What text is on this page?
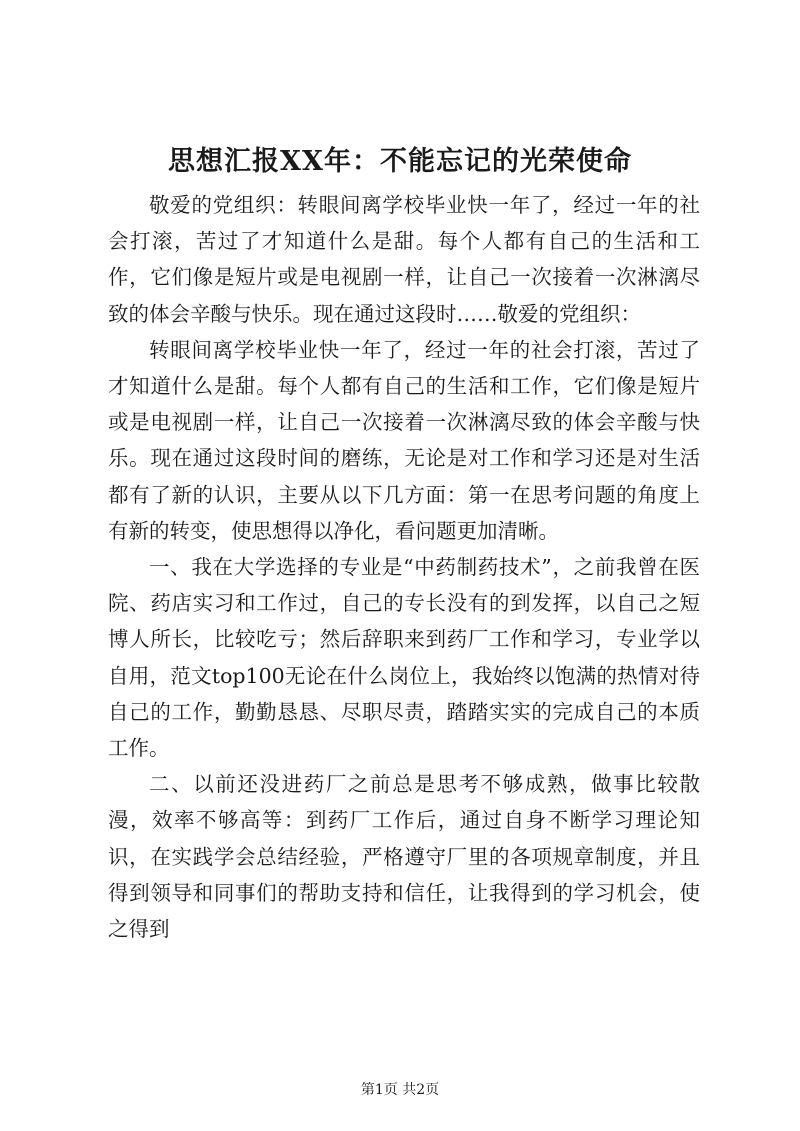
思想汇报XX年：不能忘记的光荣使命

敬爱的党组织：转眼间离学校毕业快一年了，经过一年的社会打滚，苦过了才知道什么是甜。每个人都有自己的生活和工作，它们像是短片或是电视剧一样，让自己一次接着一次淋漓尽致的体会辛酸与快乐。现在通过这段时……敬爱的党组织：

转眼间离学校毕业快一年了，经过一年的社会打滚，苦过了才知道什么是甜。每个人都有自己的生活和工作，它们像是短片或是电视剧一样，让自己一次接着一次淋漓尽致的体会辛酸与快乐。现在通过这段时间的磨练，无论是对工作和学习还是对生活都有了新的认识，主要从以下几方面：第一在思考问题的角度上有新的转变，使思想得以净化，看问题更加清晰。

一、我在大学选择的专业是“中药制药技术”，之前我曾在医院、药店实习和工作过，自己的专长没有的到发挥，以自己之短博人所长，比较吃亏；然后辞职来到药厂工作和学习，专业学以自用，范文top100无论在什么岗位上，我始终以饱满的热情对待自己的工作，勤勤恳恳、尽职尽责，踏踏实实的完成自己的本质工作。

二、以前还没进药厂之前总是思考不够成熟，做事比较散漫，效率不够高等：到药厂工作后，通过自身不断学习理论知识，在实践学会总结经验，严格遵守厂里的各项规章制度，并且得到领导和同事们的帮助支持和信任，让我得到的学习机会，使之得到

第1页 共2页
